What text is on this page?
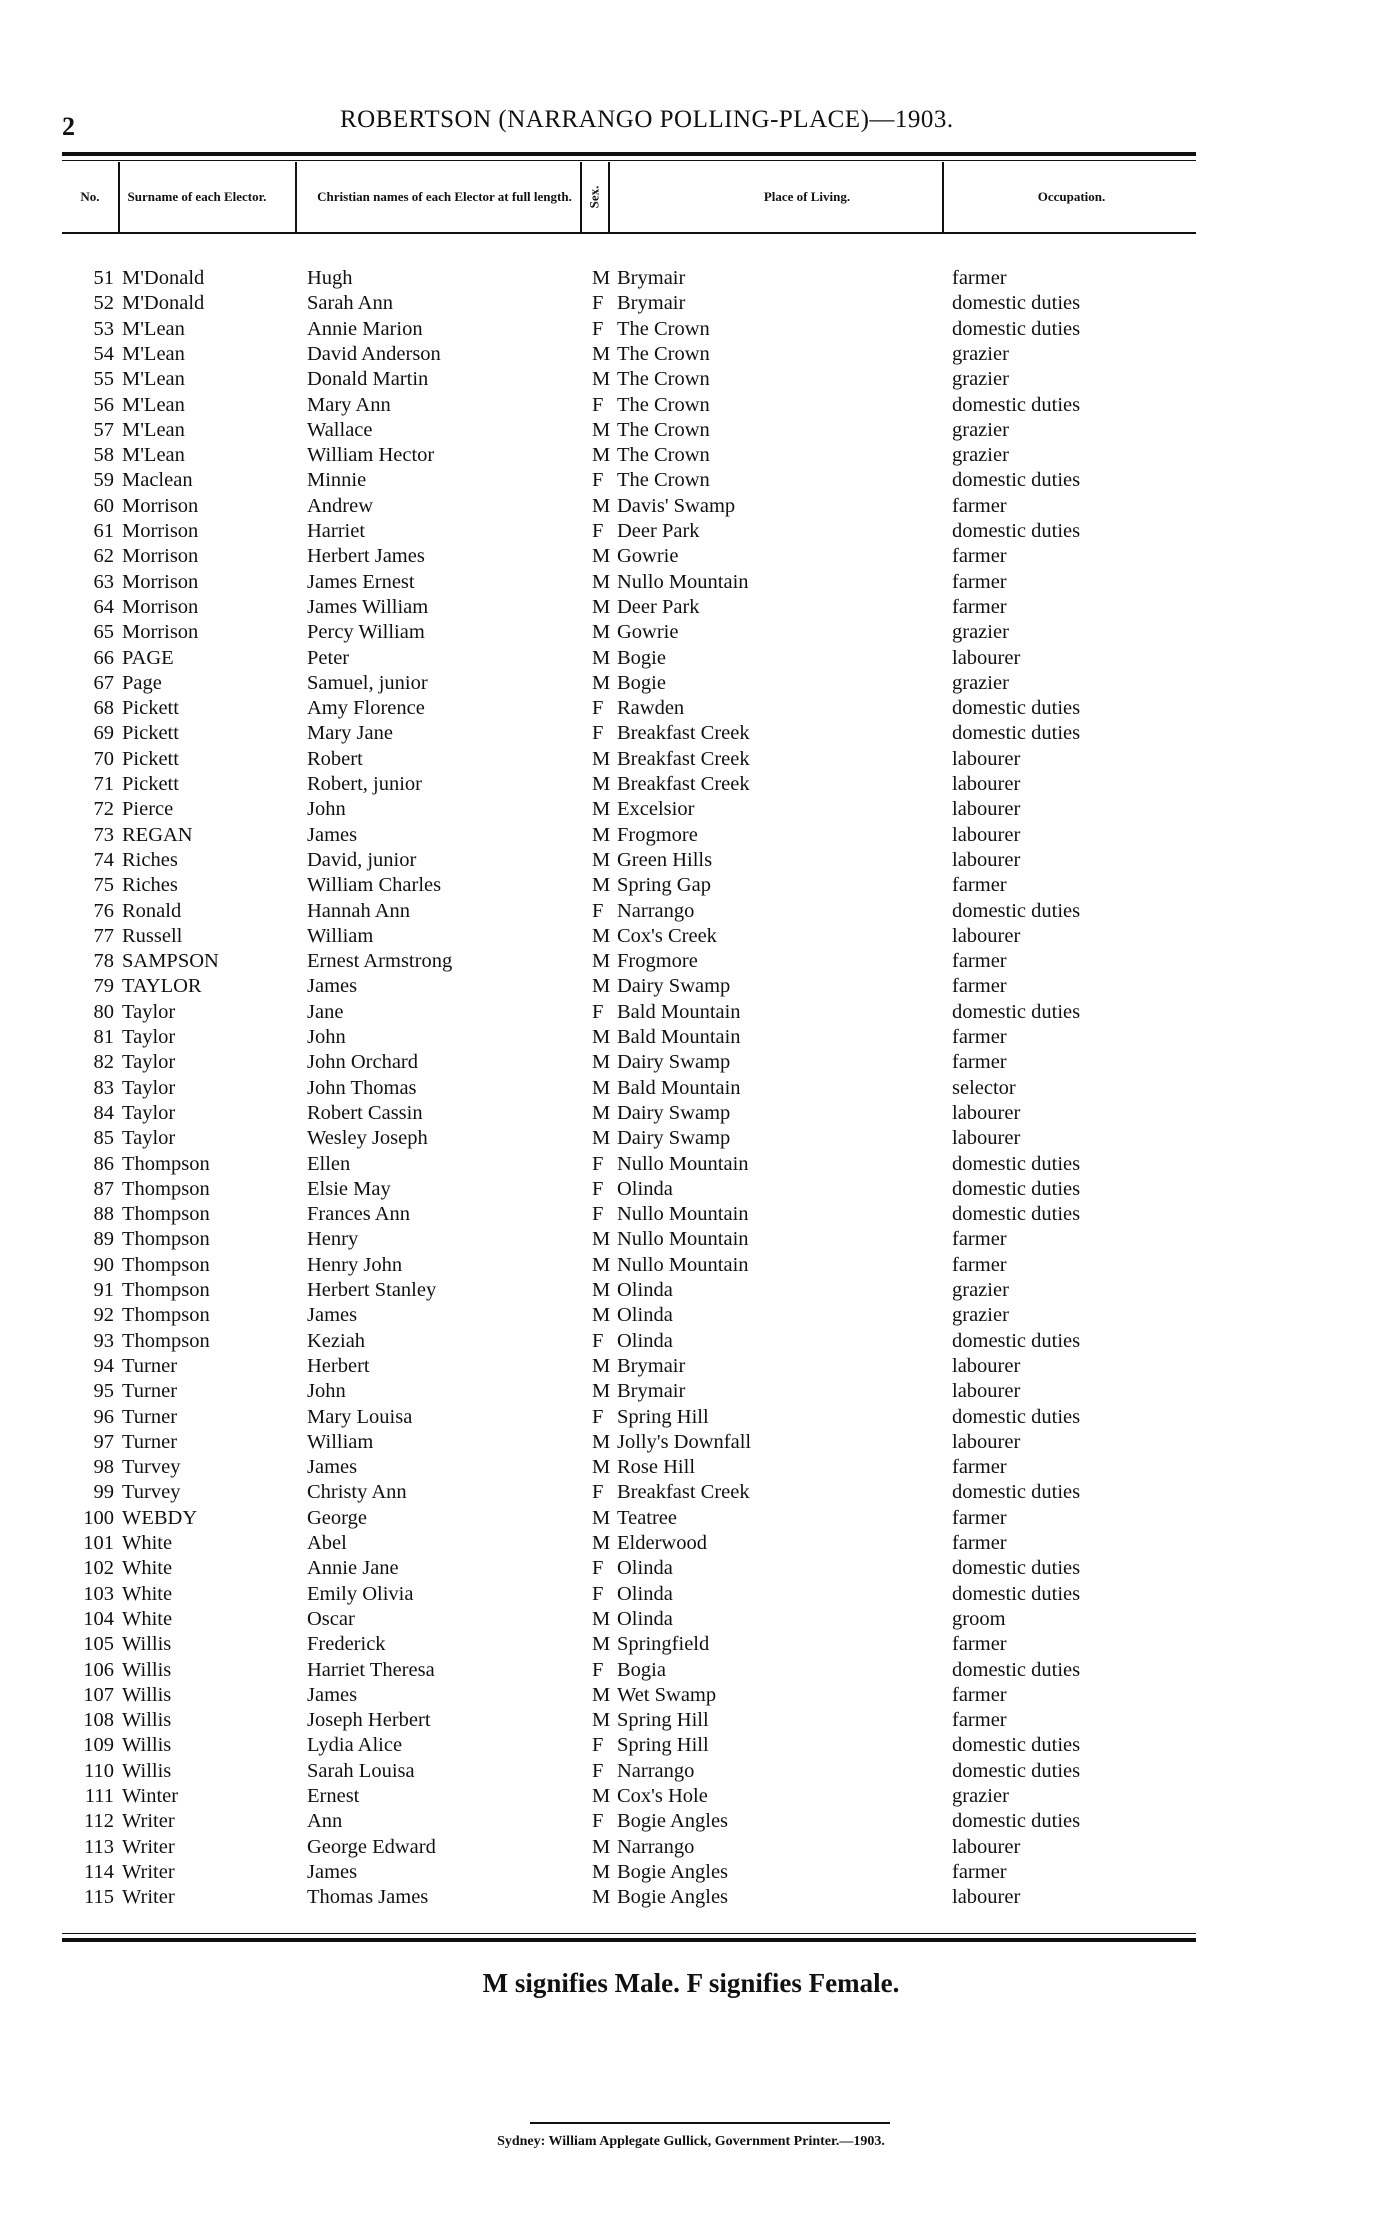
2	ROBERTSON (NARRANGO POLLING-PLACE)—1903.
No.	Surname of each Elector.	Christian names of each Elector at full length.	Sex.	Place of Living.	Occupation.
51 M'Donald	Hugh	M Brymair	farmer
52 M'Donald	Sarah Ann	F Brymair	domestic duties
53 M'Lean	Annie Marion	F The Crown	domestic duties
54 M'Lean	David Anderson	M The Crown	grazier
55 M'Lean	Donald Martin	M The Crown	grazier
56 M'Lean	Mary Ann	F The Crown	domestic duties
57 M'Lean	Wallace	M The Crown	grazier
58 M'Lean	William Hector	M The Crown	grazier
59 Maclean	Minnie	F The Crown	domestic duties
60 Morrison	Andrew	M Davis' Swamp	farmer
61 Morrison	Harriet	F Deer Park	domestic duties
62 Morrison	Herbert James	M Gowrie	farmer
63 Morrison	James Ernest	M Nullo Mountain	farmer
64 Morrison	James William	M Deer Park	farmer
65 Morrison	Percy William	M Gowrie	grazier
66 PAGE	Peter	M Bogie	labourer
67 Page	Samuel, junior	M Bogie	grazier
68 Pickett	Amy Florence	F Rawden	domestic duties
69 Pickett	Mary Jane	F Breakfast Creek	domestic duties
70 Pickett	Robert	M Breakfast Creek	labourer
71 Pickett	Robert, junior	M Breakfast Creek	labourer
72 Pierce	John	M Excelsior	labourer
73 REGAN	James	M Frogmore	labourer
74 Riches	David, junior	M Green Hills	labourer
75 Riches	William Charles	M Spring Gap	farmer
76 Ronald	Hannah Ann	F Narrango	domestic duties
77 Russell	William	M Cox's Creek	labourer
78 SAMPSON	Ernest Armstrong	M Frogmore	farmer
79 TAYLOR	James	M Dairy Swamp	farmer
80 Taylor	Jane	F Bald Mountain	domestic duties
81 Taylor	John	M Bald Mountain	farmer
82 Taylor	John Orchard	M Dairy Swamp	farmer
83 Taylor	John Thomas	M Bald Mountain	selector
84 Taylor	Robert Cassin	M Dairy Swamp	labourer
85 Taylor	Wesley Joseph	M Dairy Swamp	labourer
86 Thompson	Ellen	F Nullo Mountain	domestic duties
87 Thompson	Elsie May	F Olinda	domestic duties
88 Thompson	Frances Ann	F Nullo Mountain	domestic duties
89 Thompson	Henry	M Nullo Mountain	farmer
90 Thompson	Henry John	M Nullo Mountain	farmer
91 Thompson	Herbert Stanley	M Olinda	grazier
92 Thompson	James	M Olinda	grazier
93 Thompson	Keziah	F Olinda	domestic duties
94 Turner	Herbert	M Brymair	labourer
95 Turner	John	M Brymair	labourer
96 Turner	Mary Louisa	F Spring Hill	domestic duties
97 Turner	William	M Jolly's Downfall	labourer
98 Turvey	James	M Rose Hill	farmer
99 Turvey	Christy Ann	F Breakfast Creek	domestic duties
100 WEBDY	George	M Teatree	farmer
101 White	Abel	M Elderwood	farmer
102 White	Annie Jane	F Olinda	domestic duties
103 White	Emily Olivia	F Olinda	domestic duties
104 White	Oscar	M Olinda	groom
105 Willis	Frederick	M Springfield	farmer
106 Willis	Harriet Theresa	F Bogia	domestic duties
107 Willis	James	M Wet Swamp	farmer
108 Willis	Joseph Herbert	M Spring Hill	farmer
109 Willis	Lydia Alice	F Spring Hill	domestic duties
110 Willis	Sarah Louisa	F Narrango	domestic duties
111 Winter	Ernest	M Cox's Hole	grazier
112 Writer	Ann	F Bogie Angles	domestic duties
113 Writer	George Edward	M Narrango	labourer
114 Writer	James	M Bogie Angles	farmer
115 Writer	Thomas James	M Bogie Angles	labourer
M signifies Male. F signifies Female.
Sydney: William Applegate Gullick, Government Printer.—1903.
